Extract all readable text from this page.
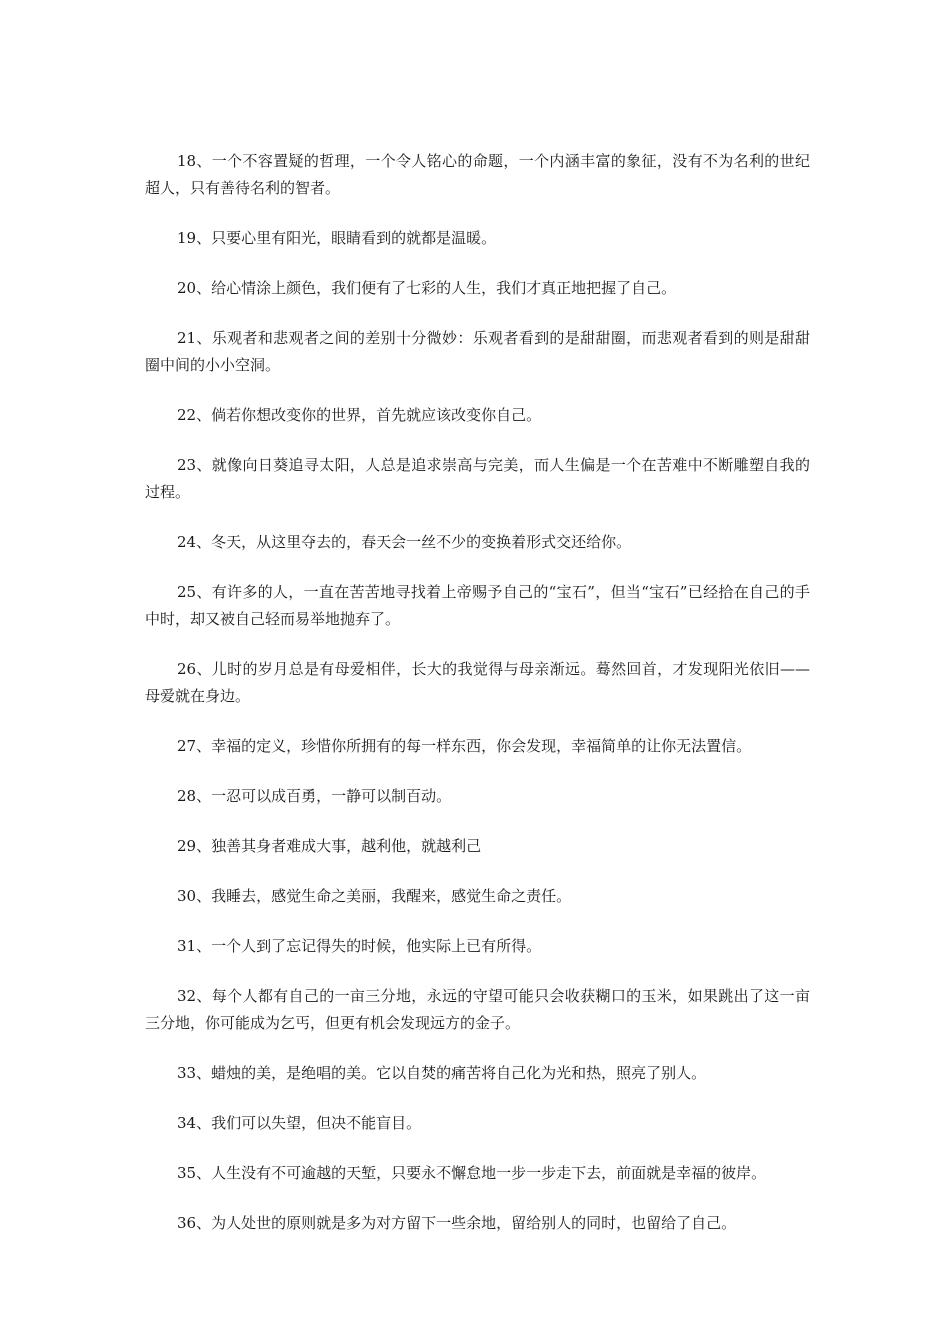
18、一个不容置疑的哲理，一个令人铭心的命题，一个内涵丰富的象征，没有不为名利的世纪超人，只有善待名利的智者。

19、只要心里有阳光，眼睛看到的就都是温暖。

20、给心情涂上颜色，我们便有了七彩的人生，我们才真正地把握了自己。

21、乐观者和悲观者之间的差别十分微妙：乐观者看到的是甜甜圈，而悲观者看到的则是甜甜圈中间的小小空洞。

22、倘若你想改变你的世界，首先就应该改变你自己。

23、就像向日葵追寻太阳，人总是追求崇高与完美，而人生偏是一个在苦难中不断雕塑自我的过程。

24、冬天，从这里夺去的，春天会一丝不少的变换着形式交还给你。

25、有许多的人，一直在苦苦地寻找着上帝赐予自己的“宝石”，但当“宝石”已经拾在自己的手中时，却又被自己轻而易举地抛弃了。

26、儿时的岁月总是有母爱相伴，长大的我觉得与母亲渐远。蓦然回首，才发现阳光依旧——母爱就在身边。

27、幸福的定义，珍惜你所拥有的每一样东西，你会发现，幸福简单的让你无法置信。

28、一忍可以成百勇，一静可以制百动。

29、独善其身者难成大事，越利他，就越利己

30、我睡去，感觉生命之美丽，我醒来，感觉生命之责任。

31、一个人到了忘记得失的时候，他实际上已有所得。

32、每个人都有自己的一亩三分地，永远的守望可能只会收获糊口的玉米，如果跳出了这一亩三分地，你可能成为乞丐，但更有机会发现远方的金子。

33、蜡烛的美，是绝唱的美。它以自焚的痛苦将自己化为光和热，照亮了别人。

34、我们可以失望，但决不能盲目。

35、人生没有不可逾越的天堑，只要永不懈怠地一步一步走下去，前面就是幸福的彼岸。

36、为人处世的原则就是多为对方留下一些余地，留给别人的同时，也留给了自己。
